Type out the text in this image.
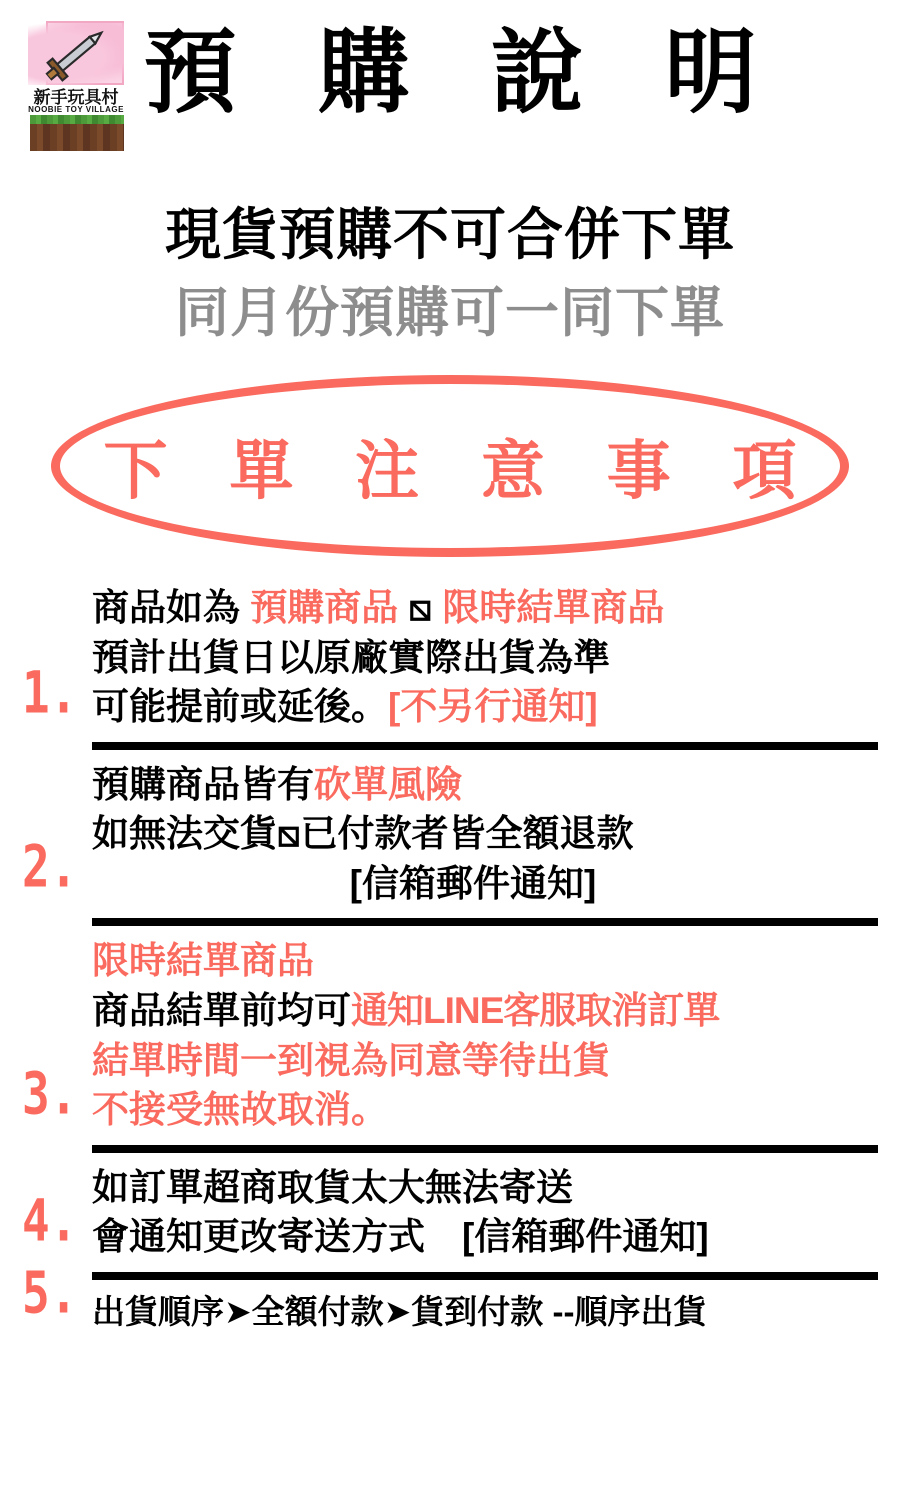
新手玩具村
NOOBIE TOY VILLAGE 預 購 說 明
現貨預購不可合併下單
同月份預購可一同下單
下 單 注 意 事 項
1.
商品如為 預購商品 ⧅ 限時結單商品
預計出貨日以原廠實際出貨為準
可能提前或延後。[不另行通知]
2.
預購商品皆有砍單風險
如無法交貨⧅已付款者皆全額退款
[信箱郵件通知]
3.
限時結單商品
商品結單前均可通知LINE客服取消訂單
結單時間一到視為同意等待出貨
不接受無故取消。
4. 如訂單超商取貨太大無法寄送
會通知更改寄送方式　[信箱郵件通知]
5. 出貨順序➤全額付款➤貨到付款 --順序出貨
